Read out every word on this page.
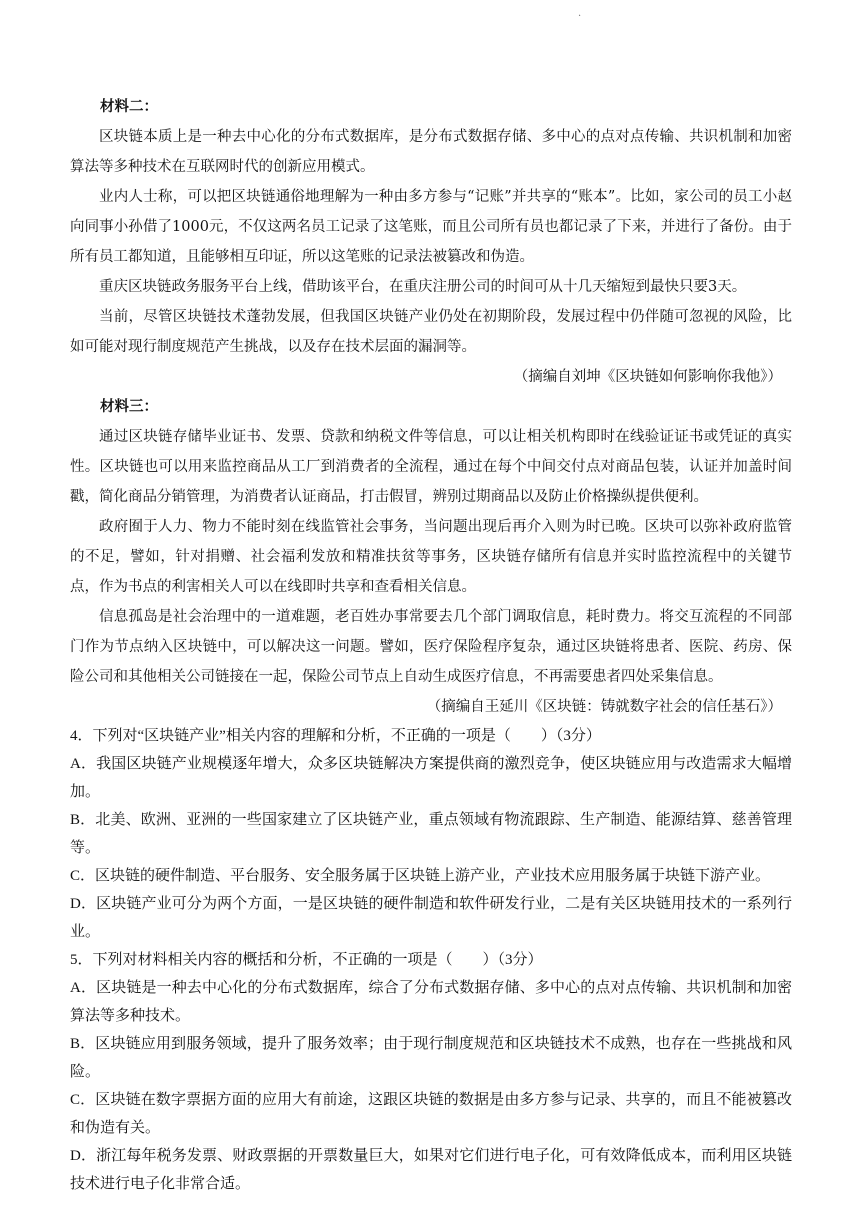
.
材料二：

区块链本质上是一种去中心化的分布式数据库，是分布式数据存储、多中心的点对点传输、共识机制和加密算法等多种技术在互联网时代的创新应用模式。

业内人士称，可以把区块链通俗地理解为一种由多方参与“记账”并共享的“账本”。比如，家公司的员工小赵向同事小孙借了1000元，不仅这两名员工记录了这笔账，而且公司所有员也都记录了下来，并进行了备份。由于所有员工都知道，且能够相互印证，所以这笔账的记录法被篡改和伪造。

重庆区块链政务服务平台上线，借助该平台，在重庆注册公司的时间可从十几天缩短到最快只要3天。

当前，尽管区块链技术蓬勃发展，但我国区块链产业仍处在初期阶段，发展过程中仍伴随可忽视的风险，比如可能对现行制度规范产生挑战，以及存在技术层面的漏洞等。

（摘编自刘坤《区块链如何影响你我他》）
材料三：

通过区块链存储毕业证书、发票、贷款和纳税文件等信息，可以让相关机构即时在线验证证书或凭证的真实性。区块链也可以用来监控商品从工厂到消费者的全流程，通过在每个中间交付点对商品包装，认证并加盖时间戳，简化商品分销管理，为消费者认证商品，打击假冒，辨别过期商品以及防止价格操纵提供便利。

政府囿于人力、物力不能时刻在线监管社会事务，当问题出现后再介入则为时已晚。区块可以弥补政府监管的不足，譬如，针对捐赠、社会福利发放和精准扶贫等事务，区块链存储所有信息并实时监控流程中的关键节点，作为书点的利害相关人可以在线即时共享和查看相关信息。

信息孤岛是社会治理中的一道难题，老百姓办事常要去几个部门调取信息，耗时费力。将交互流程的不同部门作为节点纳入区块链中，可以解决这一问题。譬如，医疗保险程序复杂，通过区块链将患者、医院、药房、保险公司和其他相关公司链接在一起，保险公司节点上自动生成医疗信息，不再需要患者四处采集信息。

（摘编自王延川《区块链：铸就数字社会的信任基石》）
4．下列对“区块链产业”相关内容的理解和分析，不正确的一项是（　　）（3分）
A．我国区块链产业规模逐年增大，众多区块链解决方案提供商的激烈竞争，使区块链应用与改造需求大幅增加。
B．北美、欧洲、亚洲的一些国家建立了区块链产业，重点领域有物流跟踪、生产制造、能源结算、慈善管理等。
C．区块链的硬件制造、平台服务、安全服务属于区块链上游产业，产业技术应用服务属于块链下游产业。
D．区块链产业可分为两个方面，一是区块链的硬件制造和软件研发行业，二是有关区块链用技术的一系列行业。
5．下列对材料相关内容的概括和分析，不正确的一项是（　　）（3分）
A．区块链是一种去中心化的分布式数据库，综合了分布式数据存储、多中心的点对点传输、共识机制和加密算法等多种技术。
B．区块链应用到服务领域，提升了服务效率；由于现行制度规范和区块链技术不成熟，也存在一些挑战和风险。
C．区块链在数字票据方面的应用大有前途，这跟区块链的数据是由多方参与记录、共享的，而且不能被篡改和伪造有关。
D．浙江每年税务发票、财政票据的开票数量巨大，如果对它们进行电子化，可有效降低成本，而利用区块链技术进行电子化非常合适。
